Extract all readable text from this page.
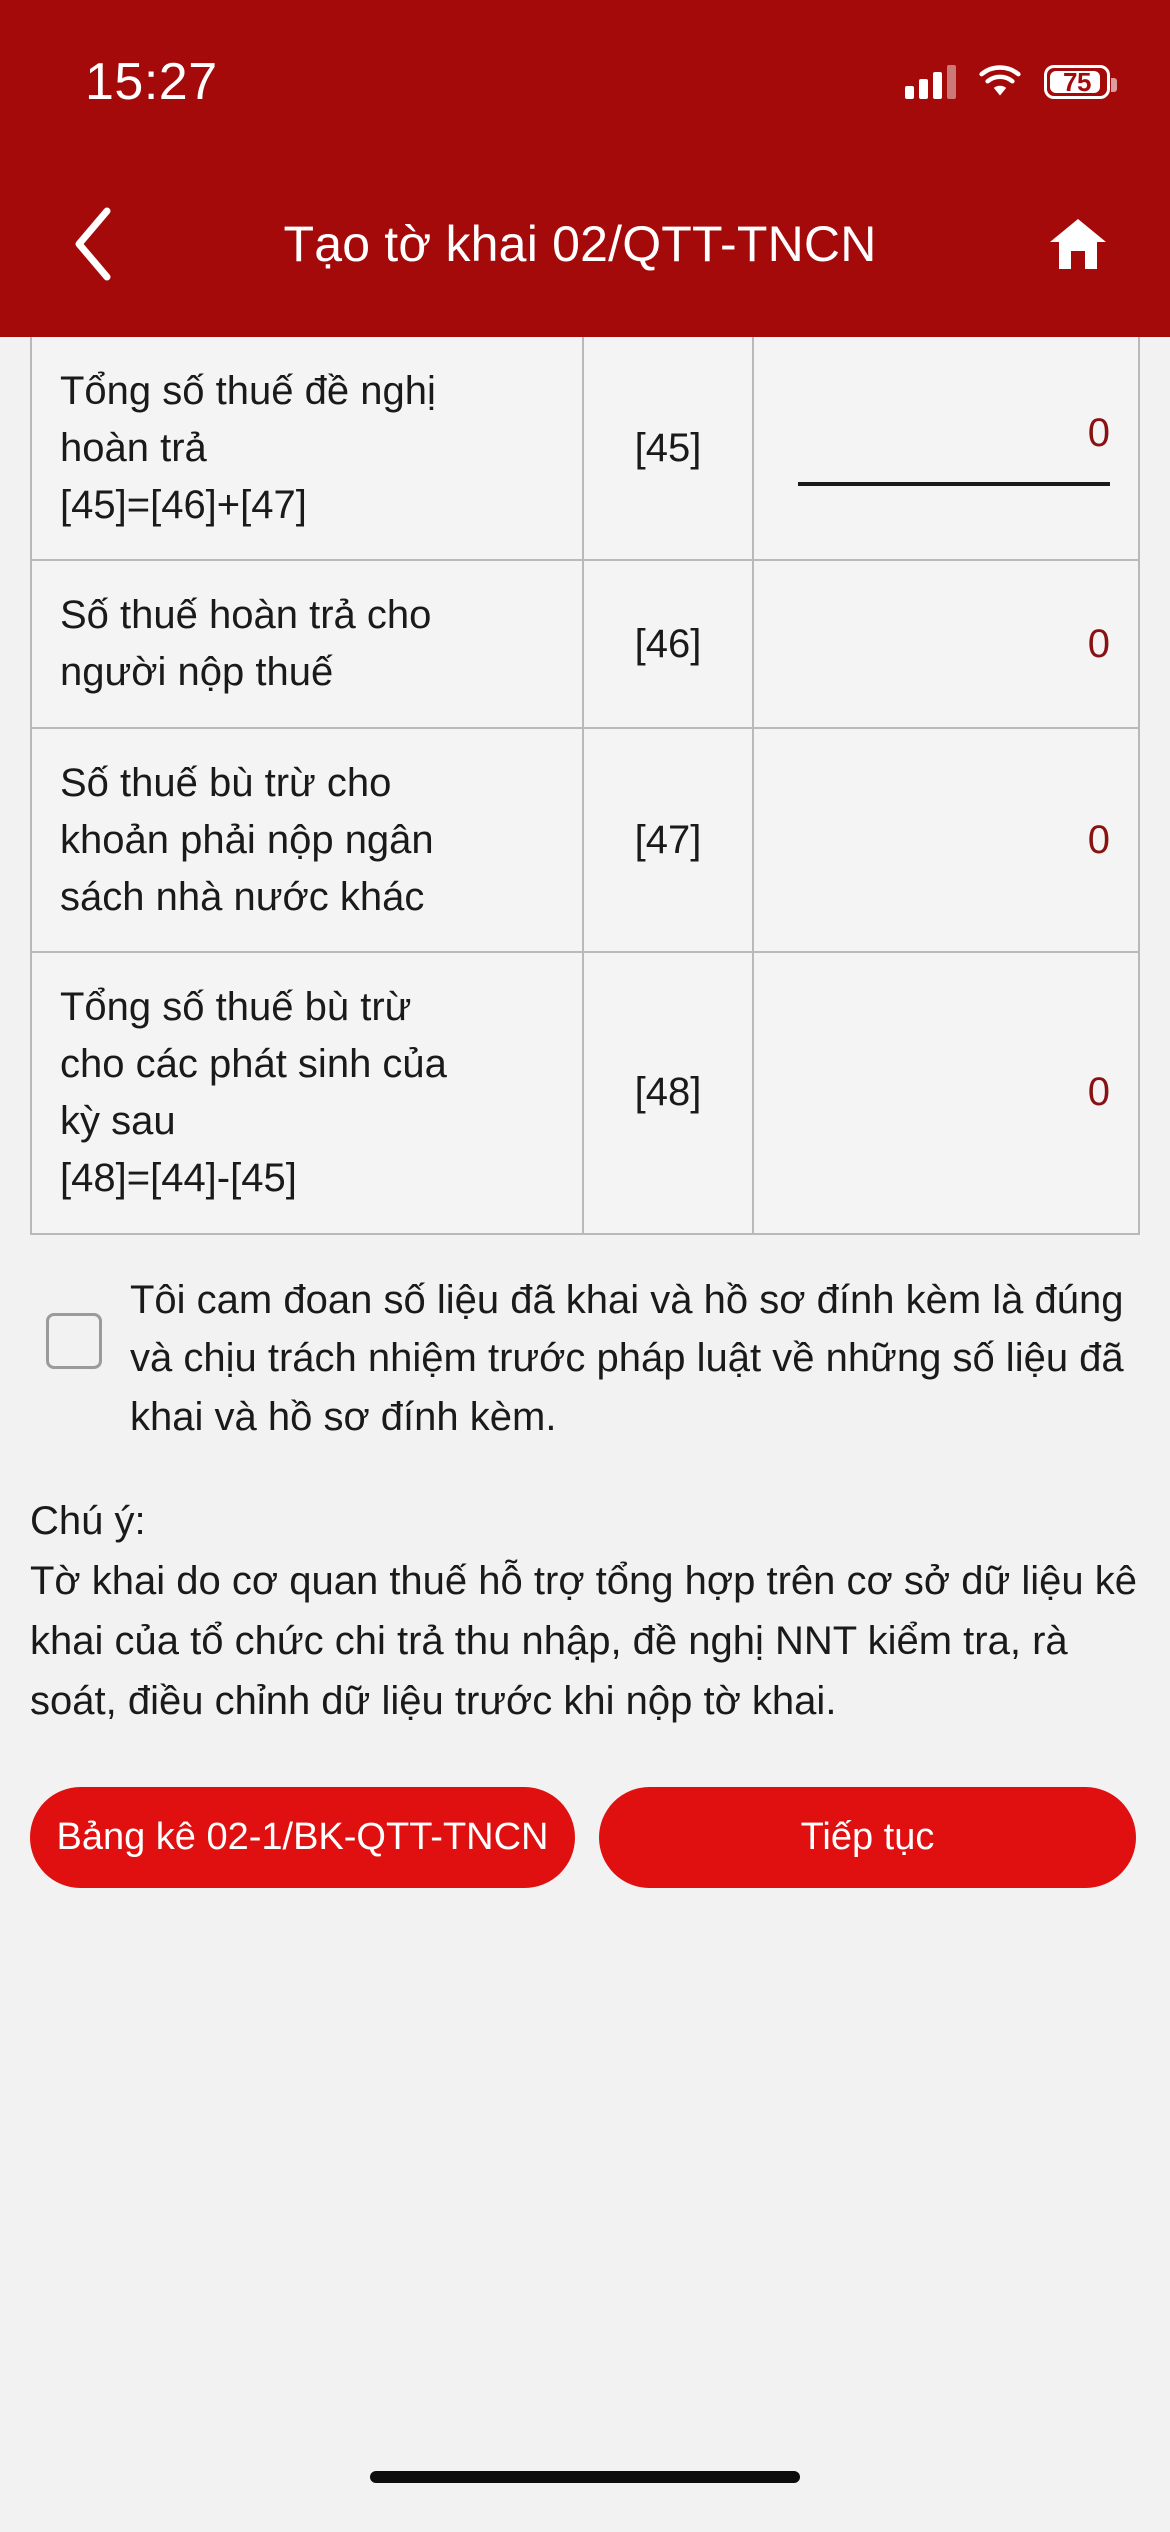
15:27	75
Tạo tờ khai 02/QTT-TNCN
Tổng số thuế đề nghị
hoàn trả
[45]=[46]+[47]	[45]	0

Số thuế hoàn trả cho
người nộp thuế	[46]	0
Số thuế bù trừ cho
khoản phải nộp ngân
sách nhà nước khác	[47]	0
Tổng số thuế bù trừ
cho các phát sinh của
kỳ sau
[48]=[44]-[45]	[48]	0
Tôi cam đoan số liệu đã khai và hồ sơ đính kèm là đúng và chịu trách nhiệm trước pháp luật về những số liệu đã khai và hồ sơ đính kèm.
Chú ý:
Tờ khai do cơ quan thuế hỗ trợ tổng hợp trên cơ sở dữ liệu kê khai của tổ chức chi trả thu nhập, đề nghị NNT kiểm tra, rà soát, điều chỉnh dữ liệu trước khi nộp tờ khai.
Bảng kê 02-1/BK-QTT-TNCN	Tiếp tục
